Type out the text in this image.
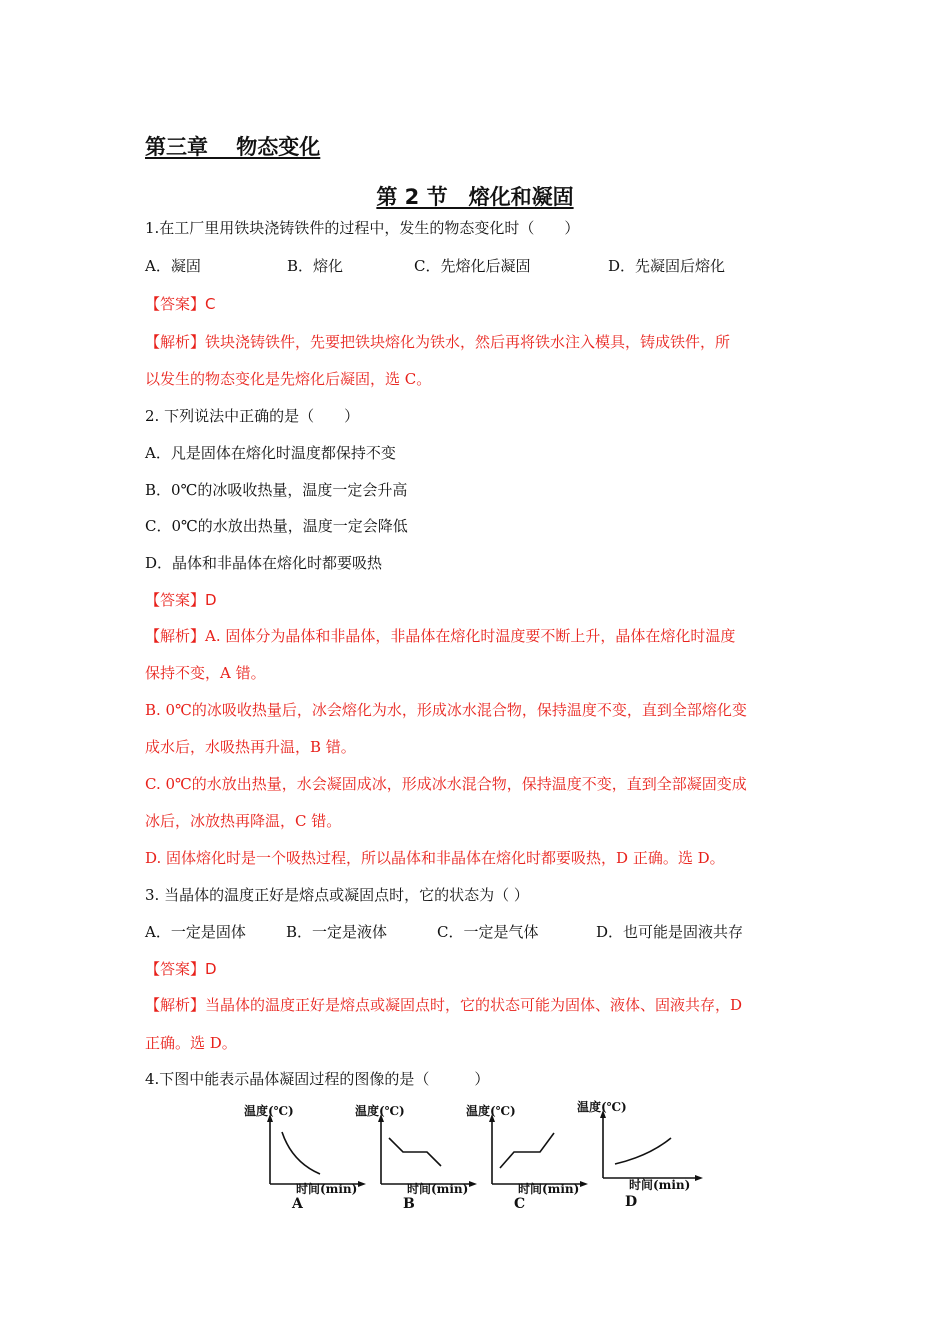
第三章　 物态变化
第 2 节　熔化和凝固
1.在工厂里用铁块浇铸铁件的过程中，发生的物态变化时（　　）
A．凝固	B．熔化	C．先熔化后凝固	D．先凝固后熔化
【答案】C
【解析】铁块浇铸铁件，先要把铁块熔化为铁水，然后再将铁水注入模具，铸成铁件，所
以发生的物态变化是先熔化后凝固，选 C。
2. 下列说法中正确的是（　　）
A．凡是固体在熔化时温度都保持不变
B．0℃的冰吸收热量，温度一定会升高
C．0℃的水放出热量，温度一定会降低
D．晶体和非晶体在熔化时都要吸热
【答案】D
【解析】A. 固体分为晶体和非晶体，非晶体在熔化时温度要不断上升，晶体在熔化时温度
保持不变，A 错。
B. 0℃的冰吸收热量后，冰会熔化为水，形成冰水混合物，保持温度不变，直到全部熔化变
成水后，水吸热再升温，B 错。
C. 0℃的水放出热量，水会凝固成冰，形成冰水混合物，保持温度不变，直到全部凝固变成
冰后，冰放热再降温，C 错。
D. 固体熔化时是一个吸热过程，所以晶体和非晶体在熔化时都要吸热，D 正确。选 D。
3. 当晶体的温度正好是熔点或凝固点时，它的状态为（ ）
A．一定是固体	B．一定是液体	C．一定是气体	D．也可能是固液共存
【答案】D
【解析】当晶体的温度正好是熔点或凝固点时，它的状态可能为固体、液体、固液共存，D
正确。选 D。
4.下图中能表示晶体凝固过程的图像的是（　　　）
温度(℃)
时间(min)
A
温度(℃)
时间(min)
B
温度(℃)
时间(min)
C
温度(℃)
时间(min)
D
